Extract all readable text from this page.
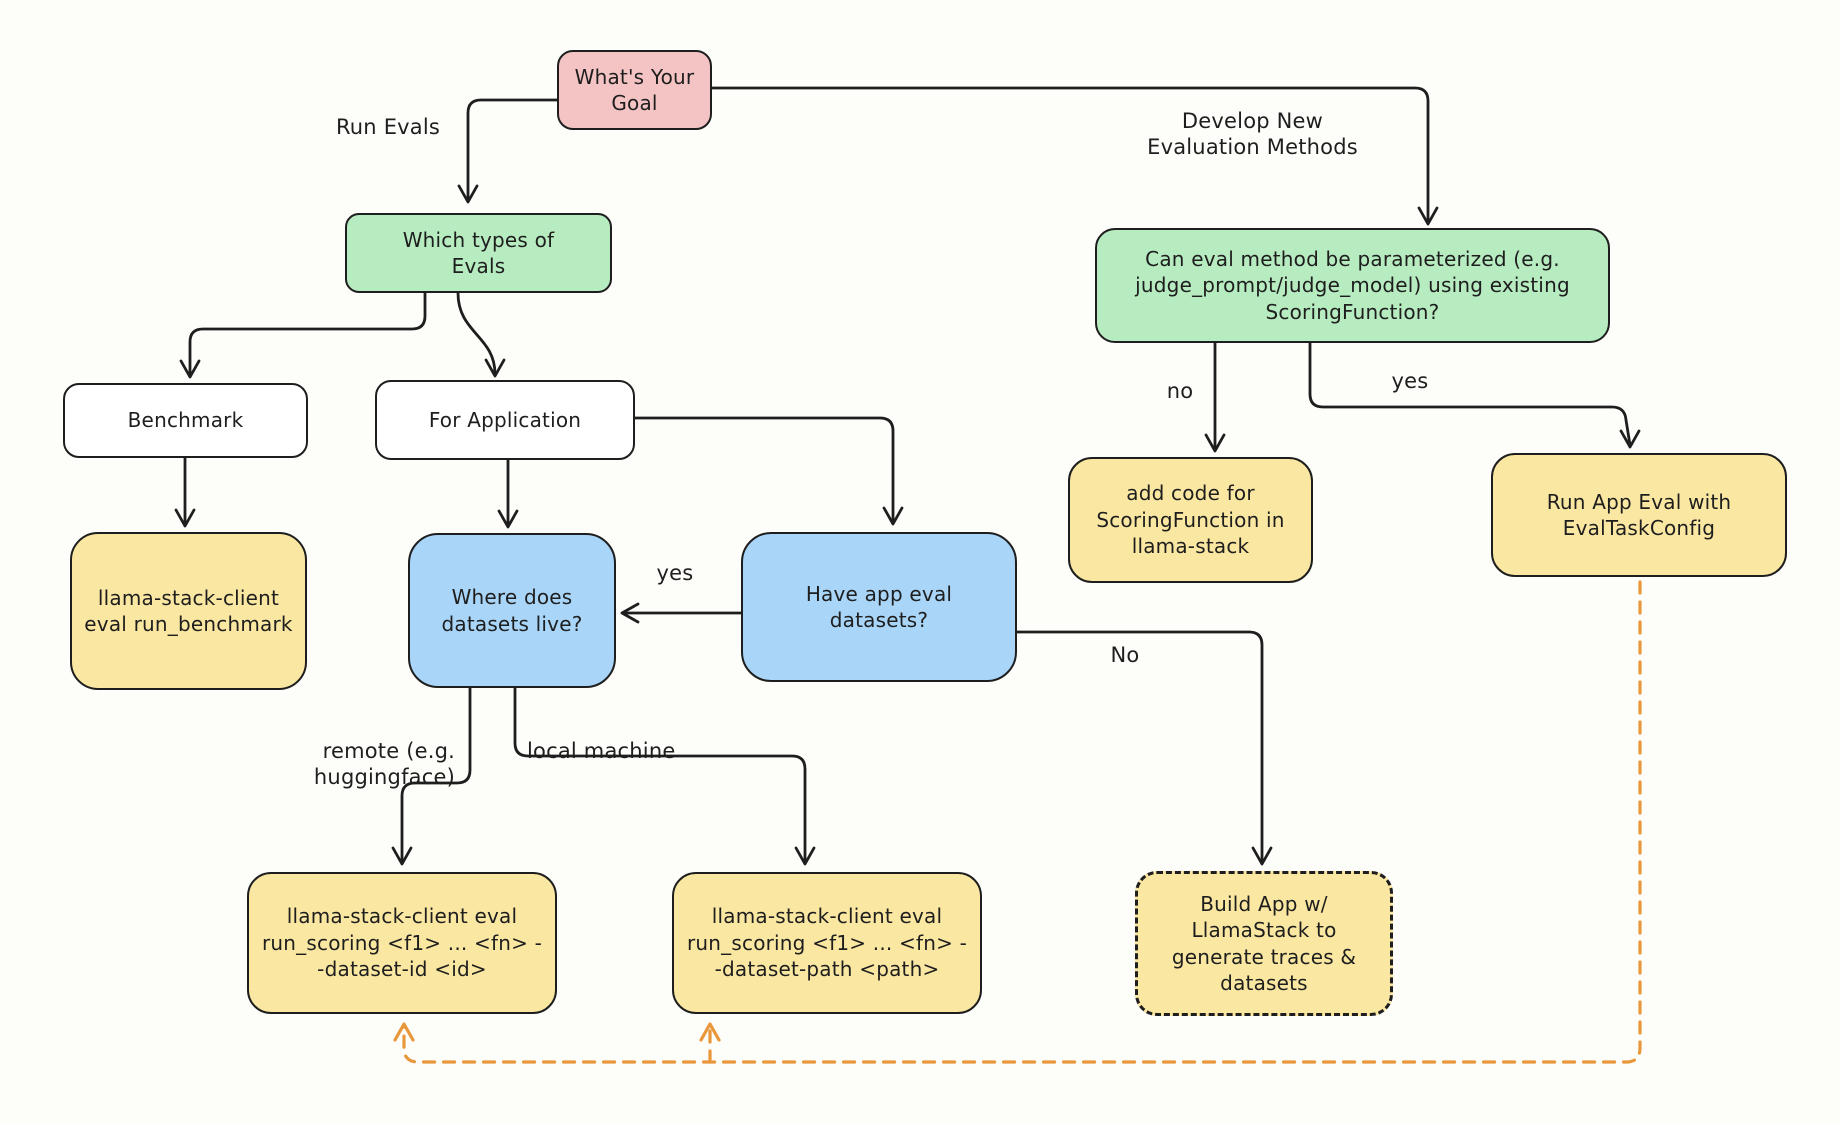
What's Your Goal
Which types of Evals	Can eval method be parameterized (e.g. judge_prompt/judge_model) using existing ScoringFunction?
Benchmark	For Application
llama-stack-client eval run_benchmark
Where does datasets live?
Have app eval datasets?
add code for ScoringFunction in llama-stack
Run App Eval with EvalTaskConfig
llama-stack-client eval run_scoring <f1> ... <fn> --dataset-id <id>
llama-stack-client eval run_scoring <f1> ... <fn> --dataset-path <path>
Build App w/ LlamaStack to generate traces & datasets
Run Evals	Develop New Evaluation Methods
no	yes
yes
No
remote (e.g. huggingface)
local machine
